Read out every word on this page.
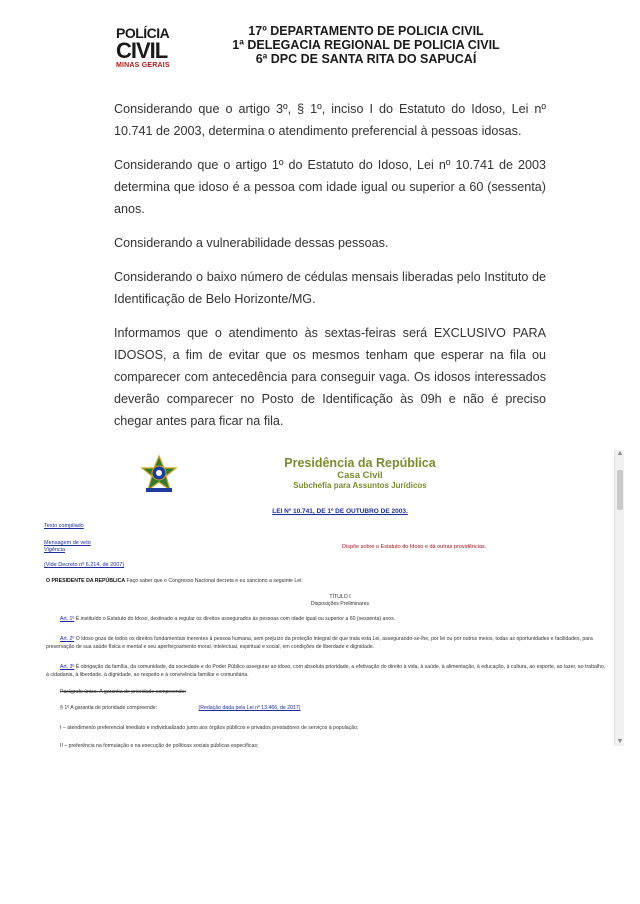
POLÍCIA
CIVIL
MINAS GERAIS
17º DEPARTAMENTO DE POLICIA CIVIL
1ª DELEGACIA REGIONAL DE POLICIA CIVIL
6ª DPC DE SANTA RITA DO SAPUCAÍ

Considerando que o artigo 3º, § 1º, inciso I do Estatuto do Idoso, Lei nº 10.741 de 2003, determina o atendimento preferencial à pessoas idosas.

Considerando que o artigo 1º do Estatuto do Idoso, Lei nº 10.741 de 2003 determina que idoso é a pessoa com idade igual ou superior a 60 (sessenta) anos.

Considerando a vulnerabilidade dessas pessoas.

Considerando o baixo número de cédulas mensais liberadas pelo Instituto de Identificação de Belo Horizonte/MG.

Informamos que o atendimento às sextas-feiras será EXCLUSIVO PARA IDOSOS, a fim de evitar que os mesmos tenham que esperar na fila ou comparecer com antecedência para conseguir vaga. Os idosos interessados deverão comparecer no Posto de Identificação às 09h e não é preciso chegar antes para ficar na fila.

▲
▼
Presidência da República
Casa Civil
Subchefia para Assuntos Jurídicos
LEI Nº 10.741, DE 1º DE OUTUBRO DE 2003.
Texto compilado
Mensagem de veto
Vigência
(Vide Decreto nº 6.214, de 2007)
Dispõe sobre o Estatuto do Idoso e dá outras providências.
O PRESIDENTE DA REPÚBLICA Faço saber que o Congresso Nacional decreta e eu sanciono a seguinte Lei:
TÍTULO I
Disposições Preliminares
Art. 1º É instituído o Estatuto do Idoso, destinado a regular os direitos assegurados às pessoas com idade igual ou superior a 60 (sessenta) anos.
Art. 2º O idoso goza de todos os direitos fundamentais inerentes à pessoa humana, sem prejuízo da proteção integral de que trata esta Lei, assegurando-se-lhe, por lei ou por outros meios, todas as oportunidades e facilidades, para preservação de sua saúde física e mental e seu aperfeiçoamento moral, intelectual, espiritual e social, em condições de liberdade e dignidade.
Art. 3º É obrigação da família, da comunidade, da sociedade e do Poder Público assegurar ao idoso, com absoluta prioridade, a efetivação do direito à vida, à saúde, à alimentação, à educação, à cultura, ao esporte, ao lazer, ao trabalho, à cidadania, à liberdade, à dignidade, ao respeito e à convivência familiar e comunitária.
Parágrafo único. A garantia de prioridade compreende:
§ 1º A garantia de prioridade compreende:	(Redação dada pela Lei nº 13.466, de 2017)
I – atendimento preferencial imediato e individualizado junto aos órgãos públicos e privados prestadores de serviços à população;
II – preferência na formulação e na execução de políticas sociais públicas específicas;
